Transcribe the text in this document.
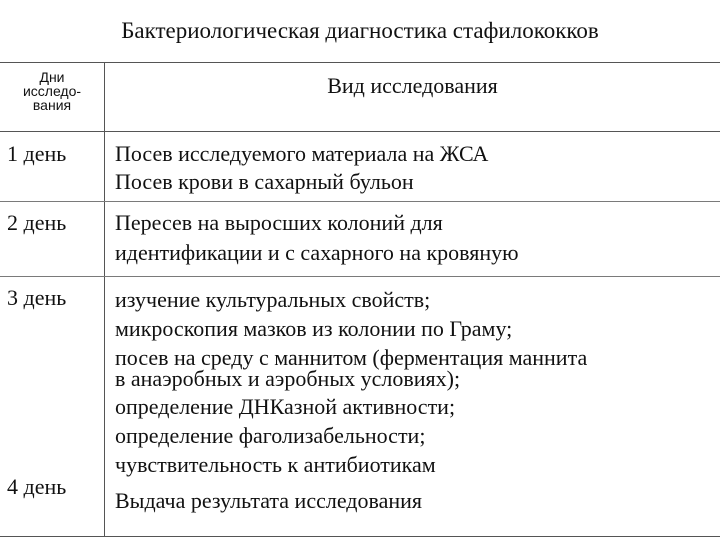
Бактериологическая диагностика стафилококков
Дни
исследо-
вания
Вид исследования
1 день Посев исследуемого материала на ЖСА
Посев крови в сахарный бульон
2 день Пересев на выросших колоний для
идентификации и с сахарного на кровяную
3 день
4 день
изучение культуральных свойств;
микроскопия мазков из колонии по Граму;
посев на среду с маннитом (ферментация маннита
в анаэробных и аэробных условиях);
определение ДНКазной активности;
определение фаголизабельности;
чувствительность к антибиотикам
Выдача результата исследования
